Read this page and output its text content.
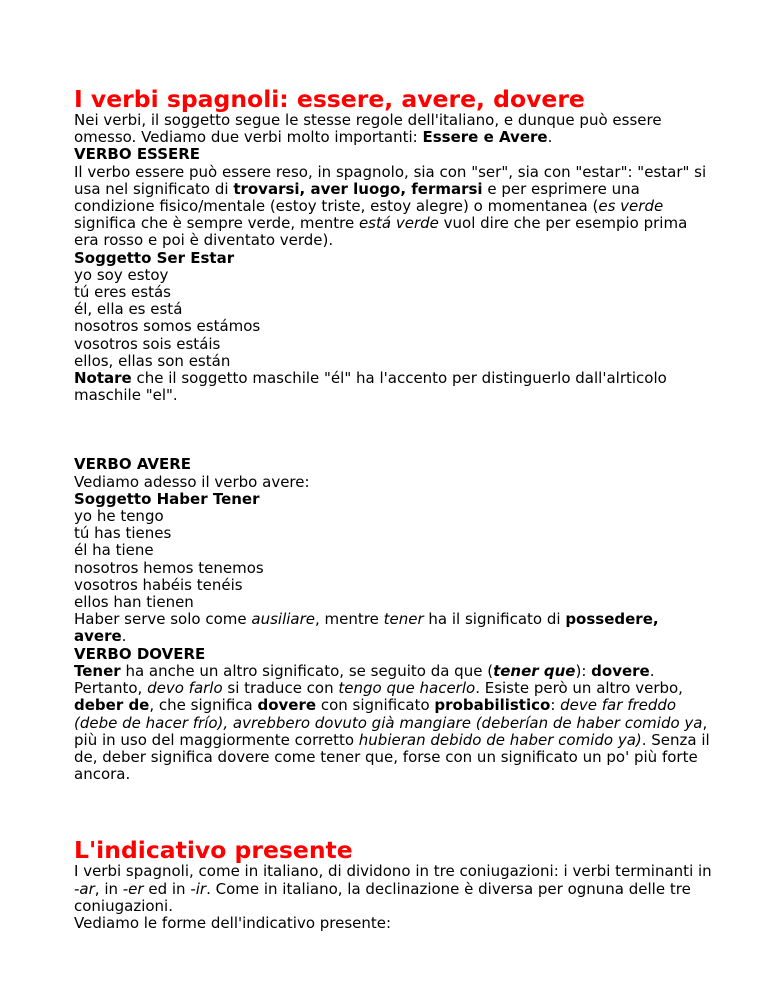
I verbi spagnoli: essere, avere, dovere

Nei verbi, il soggetto segue le stesse regole dell'italiano, e dunque può essere omesso. Vediamo due verbi molto importanti: Essere e Avere.

VERBO ESSERE

Il verbo essere può essere reso, in spagnolo, sia con "ser", sia con "estar": "estar" si usa nel significato di trovarsi, aver luogo, fermarsi e per esprimere una condizione fisico/mentale (estoy triste, estoy alegre) o momentanea (es verde significa che è sempre verde, mentre está verde vuol dire che per esempio prima era rosso e poi è diventato verde).

Soggetto Ser Estar

yo soy estoy
tú eres estás
él, ella es está
nosotros somos estámos
vosotros sois estáis
ellos, ellas son están

Notare che il soggetto maschile "él" ha l'accento per distinguerlo dall'alrticolo maschile "el".

VERBO AVERE

Vediamo adesso il verbo avere:

Soggetto Haber Tener

yo he tengo
tú has tienes
él ha tiene
nosotros hemos tenemos
vosotros habéis tenéis
ellos han tienen

Haber serve solo come ausiliare, mentre tener ha il significato di possedere, avere.

VERBO DOVERE

Tener ha anche un altro significato, se seguito da que (tener que): dovere. Pertanto, devo farlo si traduce con tengo que hacerlo. Esiste però un altro verbo, deber de, che significa dovere con significato probabilistico: deve far freddo (debe de hacer frío), avrebbero dovuto già mangiare (deberían de haber comido ya, più in uso del maggiormente corretto hubieran debido de haber comido ya). Senza il de, deber significa dovere come tener que, forse con un significato un po' più forte ancora.

L'indicativo presente

I verbi spagnoli, come in italiano, di dividono in tre coniugazioni: i verbi terminanti in -ar, in -er ed in -ir. Come in italiano, la declinazione è diversa per ognuna delle tre coniugazioni.

Vediamo le forme dell'indicativo presente:
